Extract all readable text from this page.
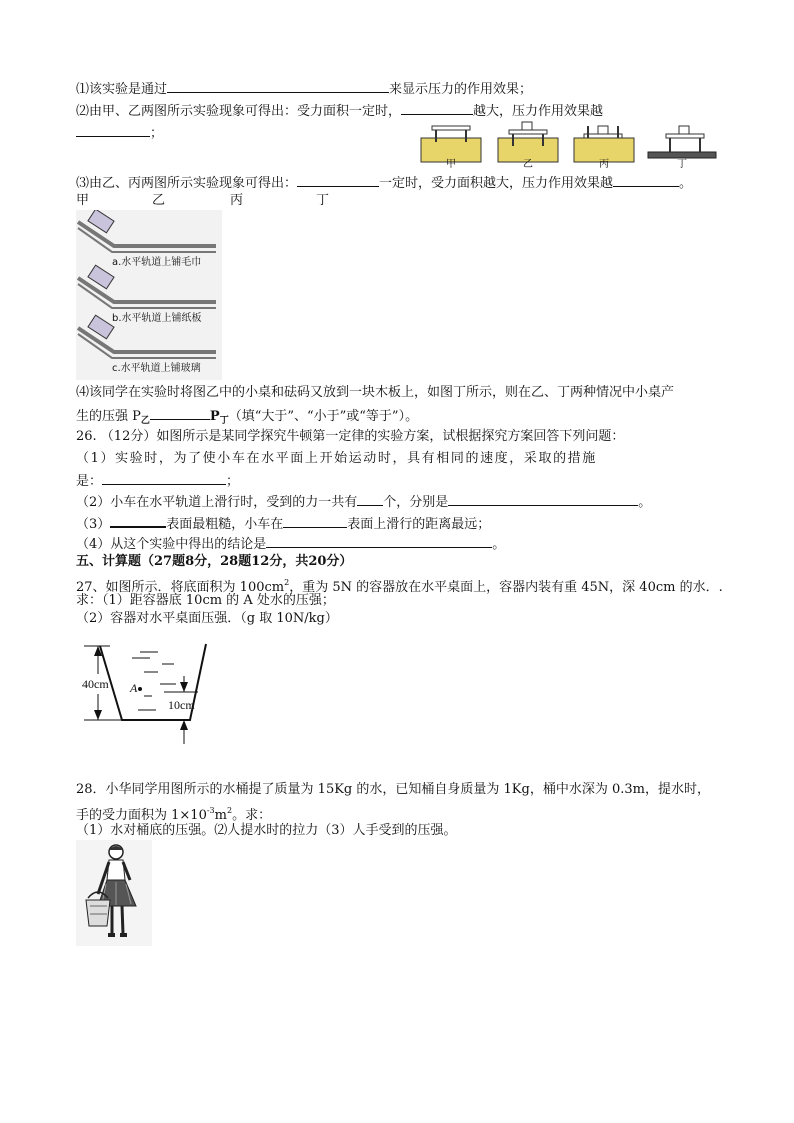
⑴该实验是通过	来显示压力的作用效果；
⑵由甲、乙两图所示实验现象可得出：受力面积一定时，	越大，压力作用效果越
；
甲	乙	丙	丁
⑶由乙、丙两图所示实验现象可得出：	一定时，受力面积越大，压力作用效果越	。
甲	乙	丙	丁
a.水平轨道上铺毛巾
b.水平轨道上铺纸板
c.水平轨道上铺玻璃
⑷该同学在实验时将图乙中的小桌和砝码又放到一块木板上，如图丁所示，则在乙、丁两种情况中小桌产
生的压强 $P_乙$	$P_丁$（填“大于”、“小于”或“等于”）。
26. （12分）如图所示是某同学探究牛顿第一定律的实验方案，试根据探究方案回答下列问题：
（1）实验时，为了使小车在水平面上开始运动时，具有相同的速度，采取的措施
是：	；
（2）小车在水平轨道上滑行时，受到的力一共有 个，分别是	。
（3）	表面最粗糙，小车在	表面上滑行的距离最远；
（4）从这个实验中得出的结论是	。
五、计算题（27题8分，28题12分，共20分）
27、如图所示．将底面积为 $100cm^2$，重为 5N 的容器放在水平桌面上，容器内装有重 45N，深 40cm 的水．.
求：（1）距容器底 10cm 的 A 处水的压强；
（2）容器对水平桌面压强．（g 取 10N/kg）
40cm A
10cm
28．小华同学用图所示的水桶提了质量为 15Kg 的水，已知桶自身质量为 1Kg，桶中水深为 0.3m，提水时，
手的受力面积为 $1\times 10^{-3}m^2$。求：
（1）水对桶底的压强。⑵人提水时的拉力（3）人手受到的压强。
